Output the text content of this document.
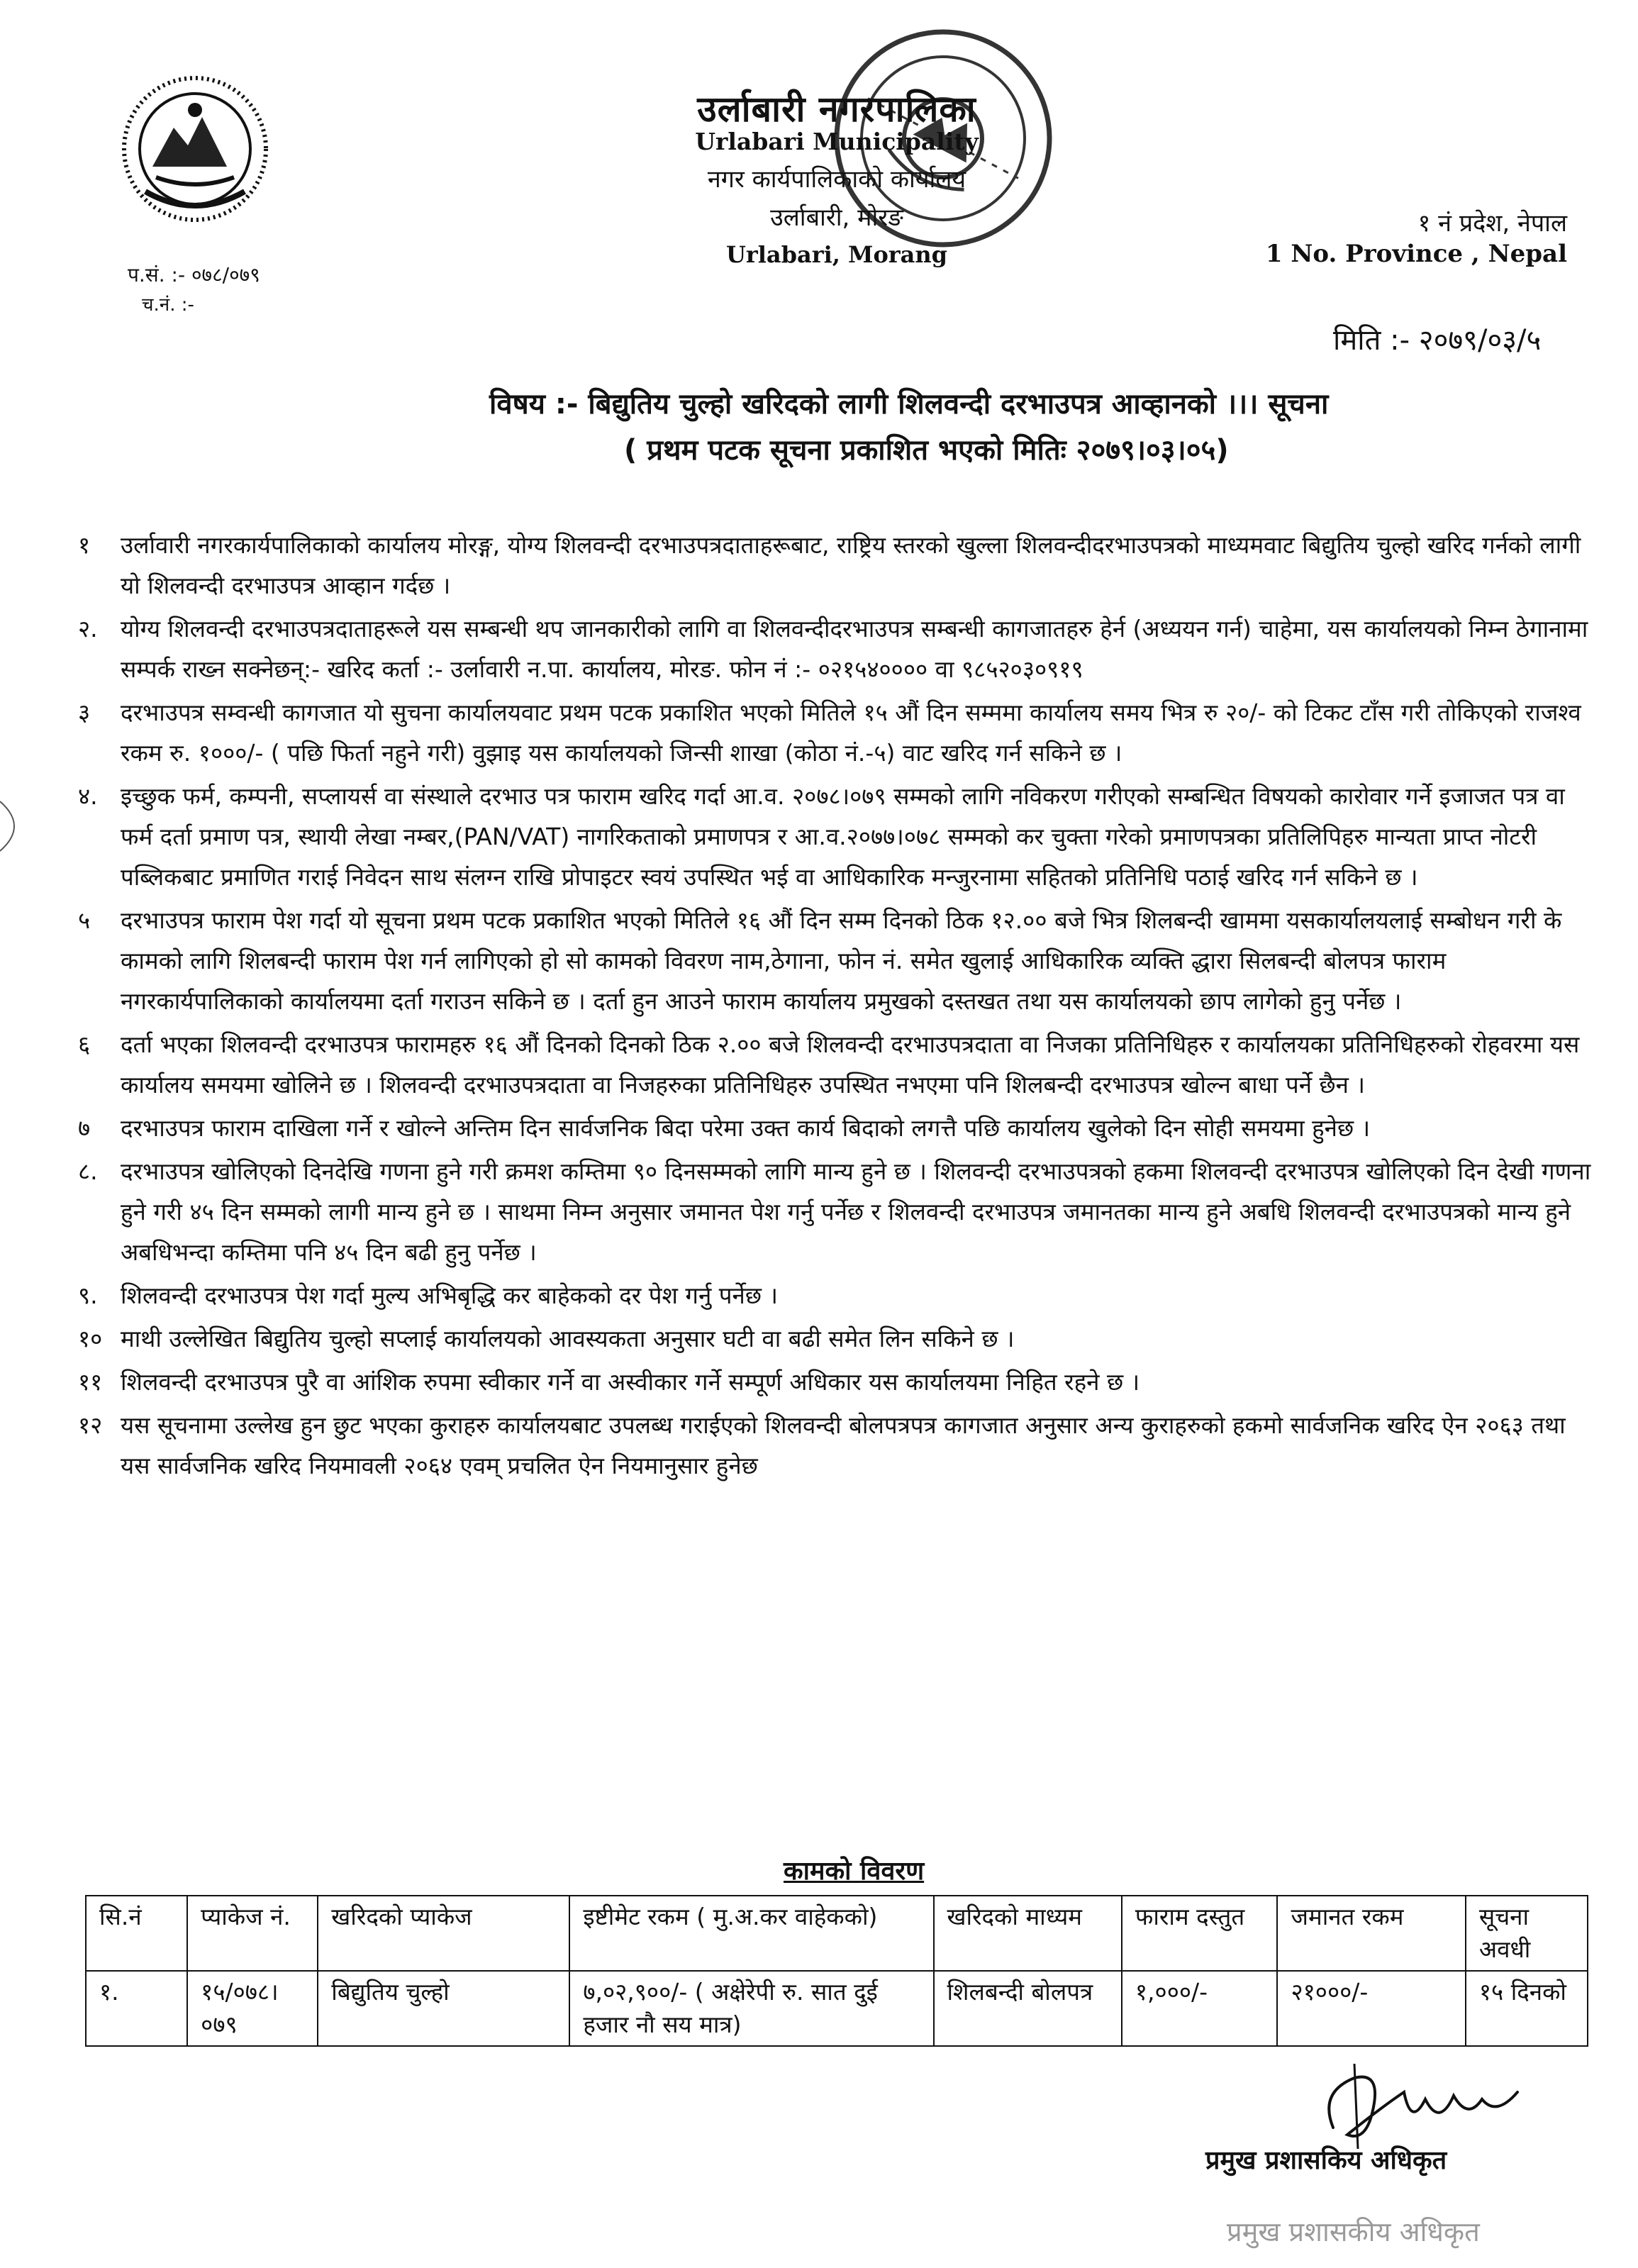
उर्लाबारी नगरपालिका
Urlabari Municipality
नगर कार्यपालिकाको कार्यालय
उर्लाबारी, मोरङ
Urlabari, Morang
१ नं प्रदेश, नेपाल
1 No. Province , Nepal
प.सं. :- ०७८/०७९
च.नं. :-
मिति :- २०७९/०३/५
विषय :- बिद्युतिय चुल्हो खरिदको लागी शिलवन्दी दरभाउपत्र आव्हानको ।।। सूचना
( प्रथम पटक सूचना प्रकाशित भएको मितिः २०७९।०३।०५)
१ उर्लावारी नगरकार्यपालिकाको कार्यालय मोरङ्ग, योग्य शिलवन्दी दरभाउपत्रदाताहरूबाट, राष्ट्रिय स्तरको खुल्ला शिलवन्दीदरभाउपत्रको माध्यमवाट बिद्युतिय चुल्हो खरिद गर्नको लागी यो शिलवन्दी दरभाउपत्र आव्हान गर्दछ ।
२. योग्य शिलवन्दी दरभाउपत्रदाताहरूले यस सम्बन्धी थप जानकारीको लागि वा शिलवन्दीदरभाउपत्र सम्बन्धी कागजातहरु हेर्न (अध्ययन गर्न) चाहेमा, यस कार्यालयको निम्न ठेगानामा सम्पर्क राख्न सक्नेछन्:- खरिद कर्ता :- उर्लावारी न.पा. कार्यालय, मोरङ. फोन नं :- ०२१५४०००० वा ९८५२०३०९१९
३ दरभाउपत्र सम्वन्धी कागजात यो सुचना कार्यालयवाट प्रथम पटक प्रकाशित भएको मितिले १५ औं दिन सम्ममा कार्यालय समय भित्र रु २०/- को टिकट टाँस गरी तोकिएको राजश्व रकम रु. १०००/- ( पछि फिर्ता नहुने गरी) वुझाइ यस कार्यालयको जिन्सी शाखा (कोठा नं.-५) वाट खरिद गर्न सकिने छ ।
४. इच्छुक फर्म, कम्पनी, सप्लायर्स वा संस्थाले दरभाउ पत्र फाराम खरिद गर्दा आ.व. २०७८।०७९ सम्मको लागि नविकरण गरीएको सम्बन्धित विषयको कारोवार गर्ने इजाजत पत्र वा फर्म दर्ता प्रमाण पत्र, स्थायी लेखा नम्बर,(PAN/VAT) नागरिकताको प्रमाणपत्र र आ.व.२०७७।०७८ सम्मको कर चुक्ता गरेको प्रमाणपत्रका प्रतिलिपिहरु मान्यता प्राप्त नोटरी पब्लिकबाट प्रमाणित गराई निवेदन साथ संलग्न राखि प्रोपाइटर स्वयं उपस्थित भई वा आधिकारिक मन्जुरनामा सहितको प्रतिनिधि पठाई खरिद गर्न सकिने छ ।
५ दरभाउपत्र फाराम पेश गर्दा यो सूचना प्रथम पटक प्रकाशित भएको मितिले १६ औं दिन सम्म दिनको ठिक १२.०० बजे भित्र शिलबन्दी खाममा यसकार्यालयलाई सम्बोधन गरी के कामको लागि शिलबन्दी फाराम पेश गर्न लागिएको हो सो कामको विवरण नाम,ठेगाना, फोन नं. समेत खुलाई आधिकारिक व्यक्ति द्धारा सिलबन्दी बोलपत्र फाराम नगरकार्यपालिकाको कार्यालयमा दर्ता गराउन सकिने छ । दर्ता हुन आउने फाराम कार्यालय प्रमुखको दस्तखत तथा यस कार्यालयको छाप लागेको हुनु पर्नेछ ।
६ दर्ता भएका शिलवन्दी दरभाउपत्र फारामहरु १६ औं दिनको दिनको ठिक २.०० बजे शिलवन्दी दरभाउपत्रदाता वा निजका प्रतिनिधिहरु र कार्यालयका प्रतिनिधिहरुको रोहवरमा यस कार्यालय समयमा खोलिने छ । शिलवन्दी दरभाउपत्रदाता वा निजहरुका प्रतिनिधिहरु उपस्थित नभएमा पनि शिलबन्दी दरभाउपत्र खोल्न बाधा पर्ने छैन ।
७ दरभाउपत्र फाराम दाखिला गर्ने र खोल्ने अन्तिम दिन सार्वजनिक बिदा परेमा उक्त कार्य बिदाको लगत्तै पछि कार्यालय खुलेको दिन सोही समयमा हुनेछ ।
८. दरभाउपत्र खोलिएको दिनदेखि गणना हुने गरी क्रमश कम्तिमा ९० दिनसम्मको लागि मान्य हुने छ । शिलवन्दी दरभाउपत्रको हकमा शिलवन्दी दरभाउपत्र खोलिएको दिन देखी गणना हुने गरी ४५ दिन सम्मको लागी मान्य हुने छ । साथमा निम्न अनुसार जमानत पेश गर्नु पर्नेछ र शिलवन्दी दरभाउपत्र जमानतका मान्य हुने अबधि शिलवन्दी दरभाउपत्रको मान्य हुने अबधिभन्दा कम्तिमा पनि ४५ दिन बढी हुनु पर्नेछ ।
९. शिलवन्दी दरभाउपत्र पेश गर्दा मुल्य अभिबृद्धि कर बाहेकको दर पेश गर्नु पर्नेछ ।
१० माथी उल्लेखित बिद्युतिय चुल्हो सप्लाई कार्यालयको आवस्यकता अनुसार घटी वा बढी समेत लिन सकिने छ ।
११ शिलवन्दी दरभाउपत्र पुरै वा आंशिक रुपमा स्वीकार गर्ने वा अस्वीकार गर्ने सम्पूर्ण अधिकार यस कार्यालयमा निहित रहने छ ।
१२ यस सूचनामा उल्लेख हुन छुट भएका कुराहरु कार्यालयबाट उपलब्ध गराईएको शिलवन्दी बोलपत्रपत्र कागजात अनुसार अन्य कुराहरुको हकमो सार्वजनिक खरिद ऐन २०६३ तथा यस सार्वजनिक खरिद नियमावली २०६४ एवम् प्रचलित ऐन नियमानुसार हुनेछ
कामको विवरण
सि.नं	प्याकेज नं.	खरिदको प्याकेज	इष्टीमेट रकम ( मु.अ.कर वाहेकको)	खरिदको माध्यम	फाराम दस्तुत	जमानत रकम	सूचना अवधी
१.	१५/०७८। ०७९	बिद्युतिय चुल्हो	७,०२,९००/- ( अक्षेरेपी रु. सात दुई हजार नौ सय मात्र)	शिलबन्दी बोलपत्र	१,०००/-	२१०००/-	१५ दिनको
प्रमुख प्रशासकिय अधिकृत
प्रमुख प्रशासकीय अधिकृत
